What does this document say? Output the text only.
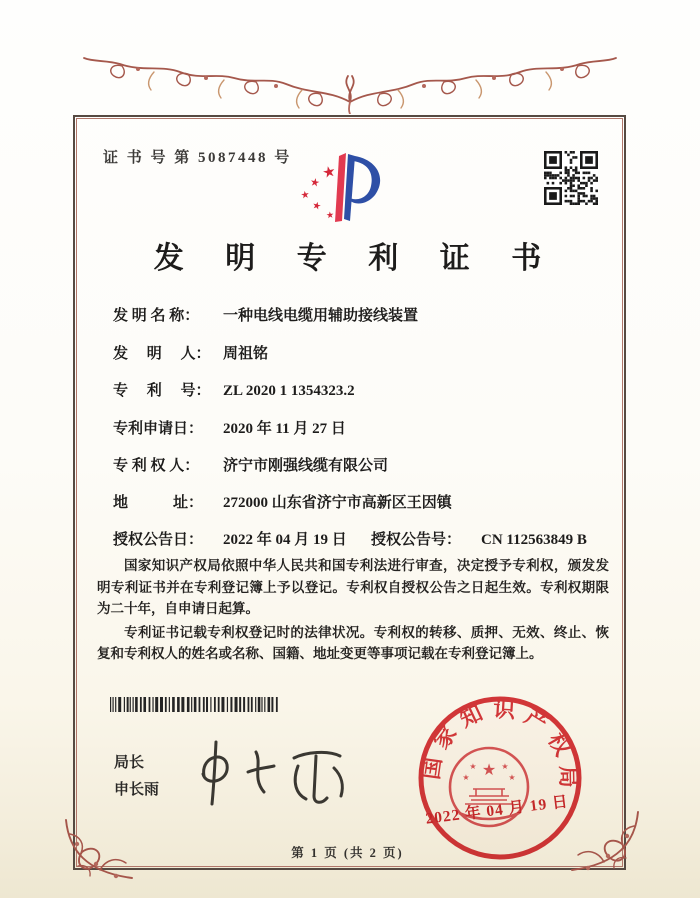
证 书 号 第 5087448 号
★
★
★
★
★
发 明 专 利 证 书
发 明 名 称： 一种电线电缆用辅助接线装置
发　 明　 人： 周祖铭
专　 利　 号： ZL 2020 1 1354323.2
专利申请日： 2020 年 11 月 27 日
专 利 权 人： 济宁市刚强线缆有限公司
地　　　址： 272000 山东省济宁市高新区王因镇
授权公告日： 2022 年 04 月 19 日 授权公告号： CN 112563849 B

国家知识产权局依照中华人民共和国专利法进行审查，决定授予专利权，颁发发明专利证书并在专利登记簿上予以登记。专利权自授权公告之日起生效。专利权期限为二十年，自申请日起算。

专利证书记载专利权登记时的法律状况。专利权的转移、质押、无效、终止、恢复和专利权人的姓名或名称、国籍、地址变更等事项记载在专利登记簿上。

局长
申长雨
国
家
知 识 产
权
局
★
★	★
★	★
2022 年 04 月 19 日
第 1 页 (共 2 页)
